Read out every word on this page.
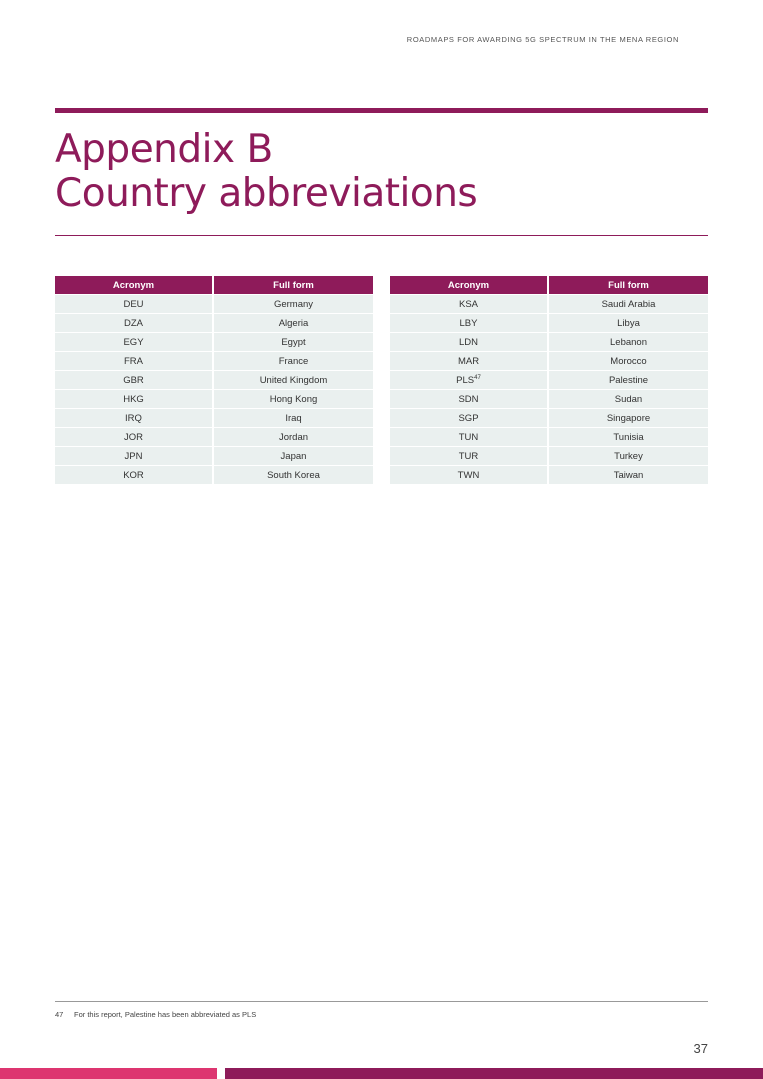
ROADMAPS FOR AWARDING 5G SPECTRUM IN THE MENA REGION
Appendix B
Country abbreviations
Acronym	Full form
DEU	Germany
DZA	Algeria
EGY	Egypt
FRA	France
GBR	United Kingdom
HKG	Hong Kong
IRQ	Iraq
JOR	Jordan
JPN	Japan
KOR	South Korea
Acronym	Full form
KSA	Saudi Arabia
LBY	Libya
LDN	Lebanon
MAR	Morocco
PLS$^{47}$	Palestine
SDN	Sudan
SGP	Singapore
TUN	Tunisia
TUR	Turkey
TWN	Taiwan
47 For this report, Palestine has been abbreviated as PLS
37
